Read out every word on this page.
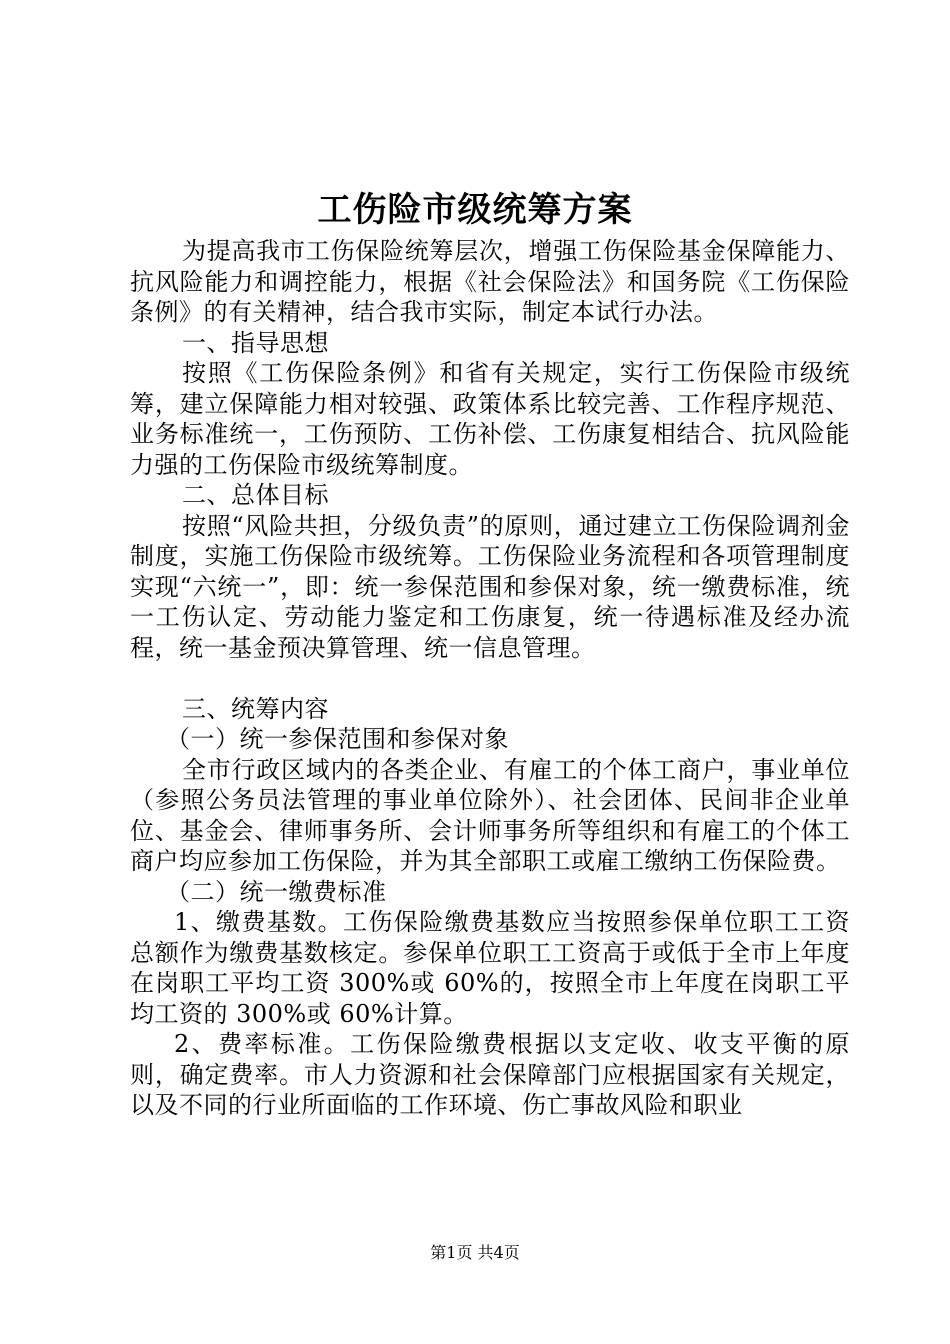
工伤险市级统筹方案

为提高我市工伤保险统筹层次，增强工伤保险基金保障能力、抗风险能力和调控能力，根据《社会保险法》和国务院《工伤保险条例》的有关精神，结合我市实际，制定本试行办法。

一、指导思想

按照《工伤保险条例》和省有关规定，实行工伤保险市级统筹，建立保障能力相对较强、政策体系比较完善、工作程序规范、业务标准统一，工伤预防、工伤补偿、工伤康复相结合、抗风险能力强的工伤保险市级统筹制度。

二、总体目标

按照“风险共担，分级负责”的原则，通过建立工伤保险调剂金制度，实施工伤保险市级统筹。工伤保险业务流程和各项管理制度实现“六统一”，即：统一参保范围和参保对象，统一缴费标准，统一工伤认定、劳动能力鉴定和工伤康复，统一待遇标准及经办流程，统一基金预决算管理、统一信息管理。

三、统筹内容

（一）统一参保范围和参保对象

全市行政区域内的各类企业、有雇工的个体工商户，事业单位（参照公务员法管理的事业单位除外）、社会团体、民间非企业单位、基金会、律师事务所、会计师事务所等组织和有雇工的个体工商户均应参加工伤保险，并为其全部职工或雇工缴纳工伤保险费。

（二）统一缴费标准

1、缴费基数。工伤保险缴费基数应当按照参保单位职工工资总额作为缴费基数核定。参保单位职工工资高于或低于全市上年度在岗职工平均工资 300%或 60%的，按照全市上年度在岗职工平均工资的 300%或 60%计算。

2、费率标准。工伤保险缴费根据以支定收、收支平衡的原则，确定费率。市人力资源和社会保障部门应根据国家有关规定，以及不同的行业所面临的工作环境、伤亡事故风险和职业

第1页 共4页
